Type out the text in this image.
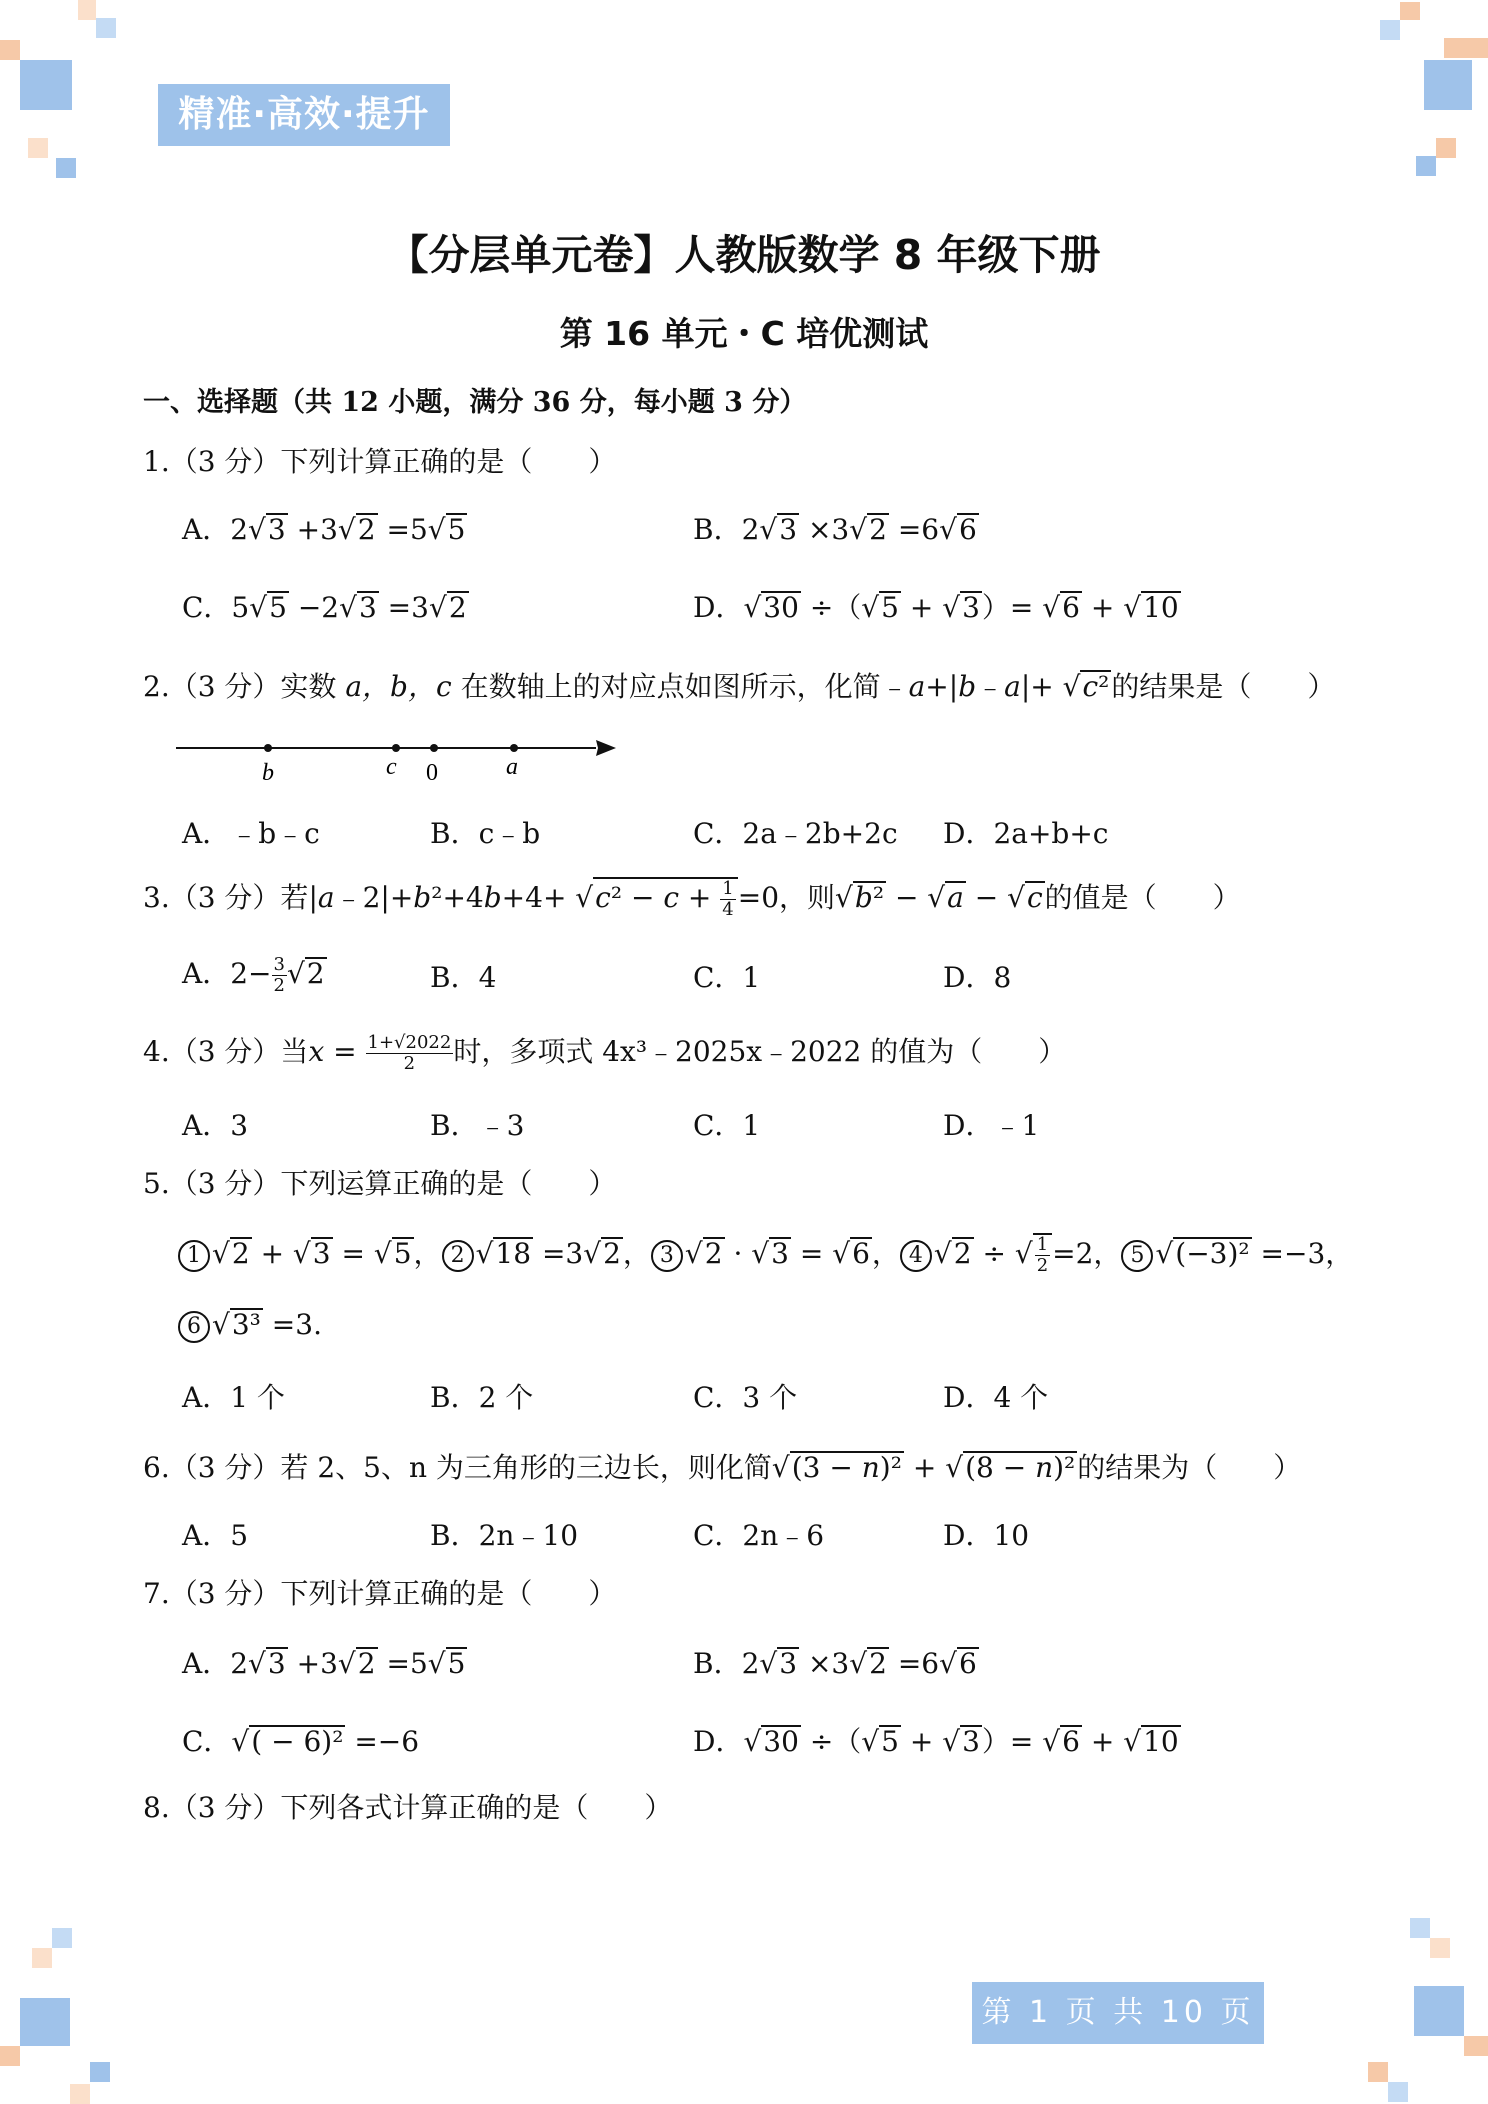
精准·高效·提升
【分层单元卷】人教版数学 8 年级下册
第 16 单元・C 培优测试
一、选择题（共 12 小题，满分 36 分，每小题 3 分）
1.（3 分）下列计算正确的是（　　）
A．2√3 +3√2 =5√5	B．2√3 ×3√2 =6√6
C．5√5 −2√3 =3√2	D．√30 ÷（√5 + √3）= √6 + √10
2.（3 分）实数 a，b，c 在数轴上的对应点如图所示，化简﹣a+|b﹣a|+ √c²的结果是（　　）
b	c 0	a
A．﹣b﹣c	B．c﹣b	C．2a﹣2b+2c D．2a+b+c
3.（3 分）若|a﹣2|+b²+4b+4+ $√c^2 - c + \frac{1}{4} =0$，则√b² − √a − √c的值是（　　）
A．$2- \frac{3}{2} √2$	B．4	C．1	D．8
4.（3 分）当$x = \frac{1+√2022}{2}$ 时，多项式 4x³﹣2025x﹣2022 的值为（　　）
A．3	B．﹣3	C．1	D．﹣1
5.（3 分）下列运算正确的是（　　）
1 √2 + √3 = √5， 2 √18 =3√2， 3 √2 · √3 = √6， 4 √2 ÷ √ $\frac{1}{2} =2$， 5 √(−3)² =−3，
6 √3³ =3.
A．1 个	B．2 个	C．3 个	D．4 个
6.（3 分）若 2、5、n 为三角形的三边长，则化简√(3 − n)² + √(8 − n)²的结果为（　　）
A．5	B．2n﹣10	C．2n﹣6	D．10
7.（3 分）下列计算正确的是（　　）
A．2√3 +3√2 =5√5	B．2√3 ×3√2 =6√6
C．√( − 6)² =−6	D．√30 ÷（√5 + √3）= √6 + √10
8.（3 分）下列各式计算正确的是（　　）
第 1 页 共 10 页
